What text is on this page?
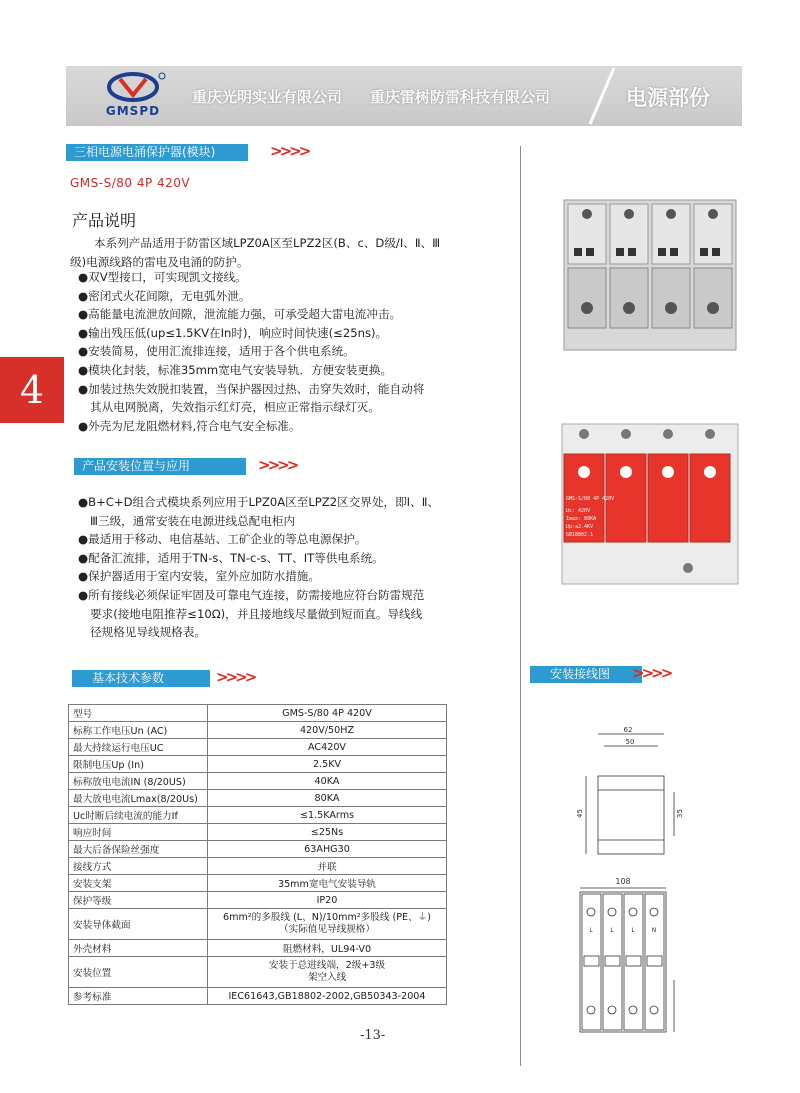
GMSPD
重庆光明实业有限公司 重庆雷树防雷科技有限公司	电源部份
4
三相电源电涌保护器(模块)	>>>>
GMS-S/80 4P 420V
产品说明
本系列产品适用于防雷区域LPZ0A区至LPZ2区(B、c、D级/Ⅰ、Ⅱ、Ⅲ
级)电源线路的雷电及电涌的防护。
●双V型接口，可实现凯文接线。
●密闭式火花间隙，无电弧外泄。
●高能量电流泄放间隙，泄流能力强，可承受超大雷电流冲击。
●输出残压低(up≤1.5KV在In时)，响应时间快速(≤25ns)。
●安装简易，使用汇流排连接，适用于各个供电系统。
●模块化封装，标准35mm宽电气安装导轨．方便安装更换。
●加装过热失效脱扣装置，当保护器因过热、击穿失效时，能自动将
其从电网脱离，失效指示红灯亮，相应正常指示绿灯灭。
●外壳为尼龙阻燃材料,符合电气安全标准。
产品安装位置与应用	>>>>
●B+C+D组合式模块系列应用于LPZ0A区至LPZ2区交界处，即Ⅰ、Ⅱ、
Ⅲ三级，通常安装在电源进线总配电柜内
●最适用于移动、电信基站、工矿企业的等总电源保护。
●配备汇流排，适用于TN-s、TN-c-s、TT、IT等供电系统。
●保护器适用于室内安装，室外应加防水措施。
●所有接线必须保证牢固及可靠电气连接，防需接地应符台防雷规范
要求(接地电阻推荐≤10Ω)，并且接地线尽量做到短而直。导线线
径规格见导线规格表。
基本技术参数	>>>>
型号	GMS-S/80 4P 420V
标称工作电压Un (AC)	420V/50HZ
最大持续运行电压UC	AC420V
限制电压Up (In)	2.5KV
标称放电电流IN (8/20US)	40KA
最大放电电流Lmax(8/20Us)	80KA
Uc时断后续电流的能力If	≤1.5KArms
响应时间	≤25Ns
最大后备保险丝强度	63AHG30
接线方式	并联
安装支架	35mm宽电气安装导轨
保护等级	IP20
安装导体截面	6mm²的多股线 (L、N)/10mm²多股线 (PE、⏚)
（实际值见导线规格）

外壳材料	阻燃材料，UL94-V0
安装位置	安装于总进线端，2级+3级
架空入线

参考标准	IEC61643,GB18802-2002,GB50343-2004
GMS-S/80 4P 420V
Uc: 420V
Imax: 80KA
Up:≤2.4KV
GB18802.1
安装接线图	>>>>
62
50
45	35
108
L	L	L	N
-13-
